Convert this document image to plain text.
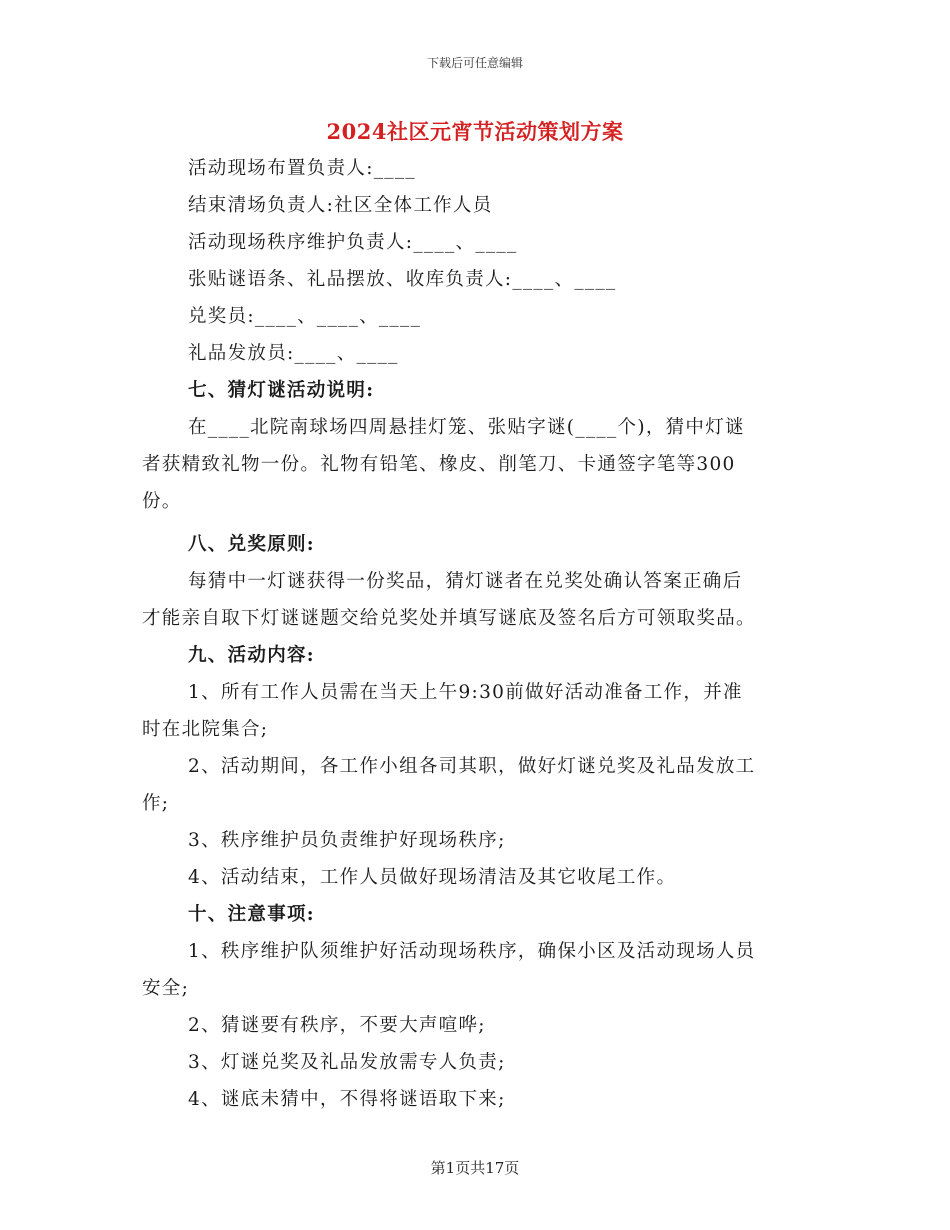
下载后可任意编辑
2024社区元宵节活动策划方案
活动现场布置负责人:____
结束清场负责人:社区全体工作人员
活动现场秩序维护负责人:____、____
张贴谜语条、礼品摆放、收库负责人:____、____
兑奖员:____、____、____
礼品发放员:____、____
七、猜灯谜活动说明:
在____北院南球场四周悬挂灯笼、张贴字谜(____个)，猜中灯谜
者获精致礼物一份。礼物有铅笔、橡皮、削笔刀、卡通签字笔等300
份。
八、兑奖原则:
每猜中一灯谜获得一份奖品，猜灯谜者在兑奖处确认答案正确后
才能亲自取下灯谜谜题交给兑奖处并填写谜底及签名后方可领取奖品。
九、活动内容:
1、所有工作人员需在当天上午9:30前做好活动准备工作，并准
时在北院集合;
2、活动期间，各工作小组各司其职，做好灯谜兑奖及礼品发放工
作;
3、秩序维护员负责维护好现场秩序;
4、活动结束，工作人员做好现场清洁及其它收尾工作。
十、注意事项:
1、秩序维护队须维护好活动现场秩序，确保小区及活动现场人员
安全;
2、猜谜要有秩序，不要大声喧哗;
3、灯谜兑奖及礼品发放需专人负责;
4、谜底未猜中，不得将谜语取下来;
第1页共17页
